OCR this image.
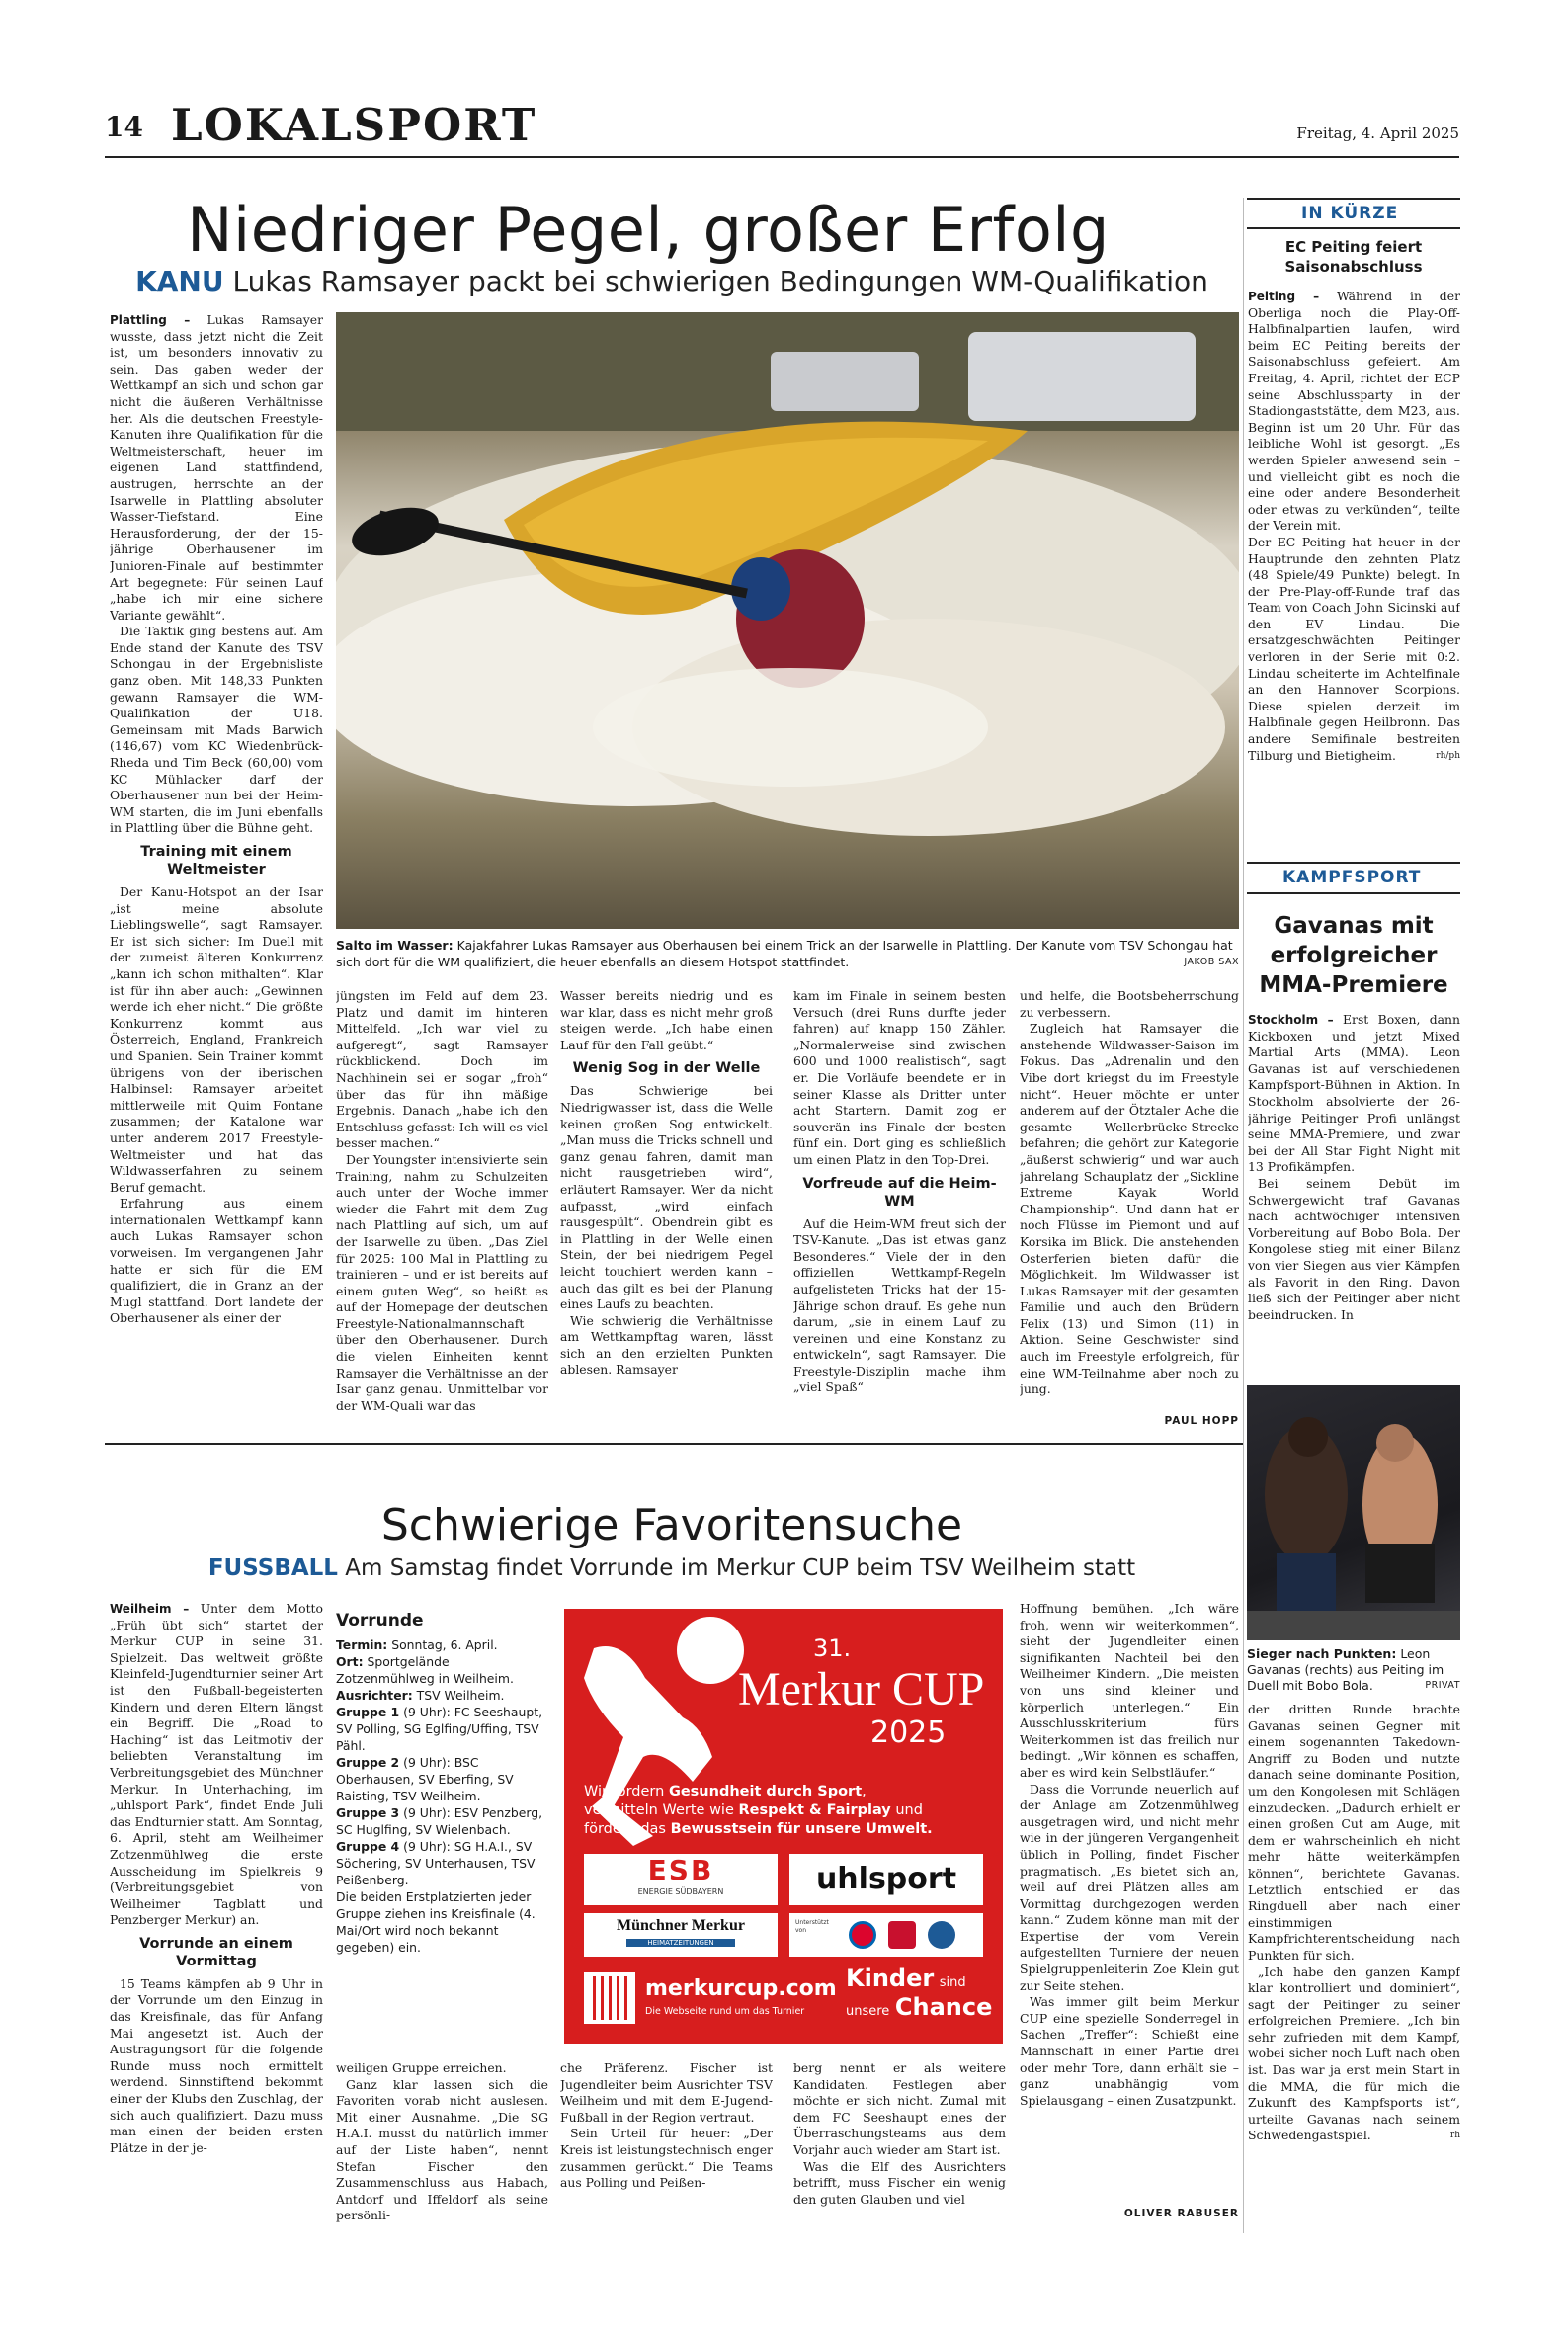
14 LOKALSPORT	Freitag, 4. April 2025
Niedriger Pegel, großer Erfolg
KANU Lukas Ramsayer packt bei schwierigen Bedingungen WM-Qualifikation

Plattling – Lukas Ramsayer wusste, dass jetzt nicht die Zeit ist, um besonders innovativ zu sein. Das gaben weder der Wettkampf an sich und schon gar nicht die äußeren Verhältnisse her. Als die deutschen Freestyle-Kanuten ihre Qualifikation für die Weltmeisterschaft, heuer im eigenen Land stattfindend, austrugen, herrschte an der Isarwelle in Plattling absoluter Wasser-Tiefstand. Eine Herausforderung, der der 15-jährige Oberhausener im Junioren-Finale auf bestimmter Art begegnete: Für seinen Lauf „habe ich mir eine sichere Variante gewählt“.

Die Taktik ging bestens auf. Am Ende stand der Kanute des TSV Schongau in der Ergebnisliste ganz oben. Mit 148,33 Punkten gewann Ramsayer die WM-Qualifikation der U18. Gemeinsam mit Mads Barwich (146,67) vom KC Wiedenbrück-Rheda und Tim Beck (60,00) vom KC Mühlacker darf der Oberhausener nun bei der Heim-WM starten, die im Juni ebenfalls in Plattling über die Bühne geht.

Training mit einem Weltmeister

Der Kanu-Hotspot an der Isar „ist meine absolute Lieblingswelle“, sagt Ramsayer. Er ist sich sicher: Im Duell mit der zumeist älteren Konkurrenz „kann ich schon mithalten“. Klar ist für ihn aber auch: „Gewinnen werde ich eher nicht.“ Die größte Konkurrenz kommt aus Österreich, England, Frankreich und Spanien. Sein Trainer kommt übrigens von der iberischen Halbinsel: Ramsayer arbeitet mittlerweile mit Quim Fontane zusammen; der Katalone war unter anderem 2017 Freestyle-Weltmeister und hat das Wildwasserfahren zu seinem Beruf gemacht.

Erfahrung aus einem internationalen Wettkampf kann auch Lukas Ramsayer schon vorweisen. Im vergangenen Jahr hatte er sich für die EM qualifiziert, die in Granz an der Mugl stattfand. Dort landete der Oberhausener als einer der

Salto im Wasser: Kajakfahrer Lukas Ramsayer aus Oberhausen bei einem Trick an der Isarwelle in Plattling. Der Kanute vom TSV Schongau hat sich dort für die WM qualifiziert, die heuer ebenfalls an diesem Hotspot stattfindet.	JAKOB SAX

jüngsten im Feld auf dem 23. Platz und damit im hinteren Mittelfeld. „Ich war viel zu aufgeregt“, sagt Ramsayer rückblickend. Doch im Nachhinein sei er sogar „froh“ über das für ihn mäßige Ergebnis. Danach „habe ich den Entschluss gefasst: Ich will es viel besser machen.“

Der Youngster intensivierte sein Training, nahm zu Schulzeiten auch unter der Woche immer wieder die Fahrt mit dem Zug nach Plattling auf sich, um auf der Isarwelle zu üben. „Das Ziel für 2025: 100 Mal in Plattling zu trainieren – und er ist bereits auf einem guten Weg“, so heißt es auf der Homepage der deutschen Freestyle-Nationalmannschaft über den Oberhausener. Durch die vielen Einheiten kennt Ramsayer die Verhältnisse an der Isar ganz genau. Unmittelbar vor der WM-Quali war das

Wasser bereits niedrig und es war klar, dass es nicht mehr groß steigen werde. „Ich habe einen Lauf für den Fall geübt.“

Wenig Sog in der Welle

Das Schwierige bei Niedrigwasser ist, dass die Welle keinen großen Sog entwickelt. „Man muss die Tricks schnell und ganz genau fahren, damit man nicht rausgetrieben wird“, erläutert Ramsayer. Wer da nicht aufpasst, „wird einfach rausgespült“. Obendrein gibt es in Plattling in der Welle einen Stein, der bei niedrigem Pegel leicht touchiert werden kann – auch das gilt es bei der Planung eines Laufs zu beachten.

Wie schwierig die Verhältnisse am Wettkampftag waren, lässt sich an den erzielten Punkten ablesen. Ramsayer

kam im Finale in seinem besten Versuch (drei Runs durfte jeder fahren) auf knapp 150 Zähler. „Normalerweise sind zwischen 600 und 1000 realistisch“, sagt er. Die Vorläufe beendete er in seiner Klasse als Dritter unter acht Startern. Damit zog er souverän ins Finale der besten fünf ein. Dort ging es schließlich um einen Platz in den Top-Drei.

Vorfreude auf die Heim-WM

Auf die Heim-WM freut sich der TSV-Kanute. „Das ist etwas ganz Besonderes.“ Viele der in den offiziellen Wettkampf-Regeln aufgelisteten Tricks hat der 15-Jährige schon drauf. Es gehe nun darum, „sie in einem Lauf zu vereinen und eine Konstanz zu entwickeln“, sagt Ramsayer. Die Freestyle-Disziplin mache ihm „viel Spaß“

und helfe, die Bootsbeherrschung zu verbessern.

Zugleich hat Ramsayer die anstehende Wildwasser-Saison im Fokus. Das „Adrenalin und den Vibe dort kriegst du im Freestyle nicht“. Heuer möchte er unter anderem auf der Ötztaler Ache die gesamte Wellerbrücke-Strecke befahren; die gehört zur Kategorie „äußerst schwierig“ und war auch jahrelang Schauplatz der „Sickline Extreme Kayak World Championship“. Und dann hat er noch Flüsse im Piemont und auf Korsika im Blick. Die anstehenden Osterferien bieten dafür die Möglichkeit. Im Wildwasser ist Lukas Ramsayer mit der gesamten Familie und auch den Brüdern Felix (13) und Simon (11) in Aktion. Seine Geschwister sind auch im Freestyle erfolgreich, für eine WM-Teilnahme aber noch zu jung.

PAUL HOPP
IN KÜRZE
EC Peiting feiert Saisonabschluss

Peiting – Während in der Oberliga noch die Play-Off-Halbfinalpartien laufen, wird beim EC Peiting bereits der Saisonabschluss gefeiert. Am Freitag, 4. April, richtet der ECP seine Abschlussparty in der Stadiongaststätte, dem M23, aus. Beginn ist um 20 Uhr. Für das leibliche Wohl ist gesorgt. „Es werden Spieler anwesend sein – und vielleicht gibt es noch die eine oder andere Besonderheit oder etwas zu verkünden“, teilte der Verein mit.

Der EC Peiting hat heuer in der Hauptrunde den zehnten Platz (48 Spiele/49 Punkte) belegt. In der Pre-Play-off-Runde traf das Team von Coach John Sicinski auf den EV Lindau. Die ersatzgeschwächten Peitinger verloren in der Serie mit 0:2. Lindau scheiterte im Achtelfinale an den Hannover Scorpions. Diese spielen derzeit im Halbfinale gegen Heilbronn. Das andere Semifinale bestreiten Tilburg und Bietigheim.	rh/ph

KAMPFSPORT
Gavanas mit erfolgreicher MMA-Premiere

Stockholm – Erst Boxen, dann Kickboxen und jetzt Mixed Martial Arts (MMA). Leon Gavanas ist auf verschiedenen Kampfsport-Bühnen in Aktion. In Stockholm absolvierte der 26-jährige Peitinger Profi unlängst seine MMA-Premiere, und zwar bei der All Star Fight Night mit 13 Profikämpfen.

Bei seinem Debüt im Schwergewicht traf Gavanas nach achtwöchiger intensiven Vorbereitung auf Bobo Bola. Der Kongolese stieg mit einer Bilanz von vier Siegen aus vier Kämpfen als Favorit in den Ring. Davon ließ sich der Peitinger aber nicht beeindrucken. In

Sieger nach Punkten: Leon Gavanas (rechts) aus Peiting im Duell mit Bobo Bola.	PRIVAT

der dritten Runde brachte Gavanas seinen Gegner mit einem sogenannten Takedown-Angriff zu Boden und nutzte danach seine dominante Position, um den Kongolesen mit Schlägen einzudecken. „Dadurch erhielt er einen großen Cut am Auge, mit dem er wahrscheinlich eh nicht mehr hätte weiterkämpfen können“, berichtete Gavanas. Letztlich entschied er das Ringduell aber nach einer einstimmigen Kampfrichterentscheidung nach Punkten für sich.

„Ich habe den ganzen Kampf klar kontrolliert und dominiert“, sagt der Peitinger zu seiner erfolgreichen Premiere. „Ich bin sehr zufrieden mit dem Kampf, wobei sicher noch Luft nach oben ist. Das war ja erst mein Start in die MMA, die für mich die Zukunft des Kampfsports ist“, urteilte Gavanas nach seinem Schwedengastspiel.	rh

Schwierige Favoritensuche
FUSSBALL Am Samstag findet Vorrunde im Merkur CUP beim TSV Weilheim statt

Weilheim – Unter dem Motto „Früh übt sich“ startet der Merkur CUP in seine 31. Spielzeit. Das weltweit größte Kleinfeld-Jugendturnier seiner Art ist den Fußball-begeisterten Kindern und deren Eltern längst ein Begriff. Die „Road to Haching“ ist das Leitmotiv der beliebten Veranstaltung im Verbreitungsgebiet des Münchner Merkur. In Unterhaching, im „uhlsport Park“, findet Ende Juli das Endturnier statt. Am Sonntag, 6. April, steht am Weilheimer Zotzenmühlweg die erste Ausscheidung im Spielkreis 9 (Verbreitungsgebiet von Weilheimer Tagblatt und Penzberger Merkur) an.

Vorrunde an einem Vormittag

15 Teams kämpfen ab 9 Uhr in der Vorrunde um den Einzug in das Kreisfinale, das für Anfang Mai angesetzt ist. Auch der Austragungsort für die folgende Runde muss noch ermittelt werdend. Sinnstiftend bekommt einer der Klubs den Zuschlag, der sich auch qualifiziert. Dazu muss man einen der beiden ersten Plätze in der je-

Vorrunde
Termin: Sonntag, 6. April.
Ort: Sportgelände Zotzenmühlweg in Weilheim.
Ausrichter: TSV Weilheim.
Gruppe 1 (9 Uhr): FC Seeshaupt, SV Polling, SG Eglfing/Uffing, TSV Pähl.
Gruppe 2 (9 Uhr): BSC Oberhausen, SV Eberfing, SV Raisting, TSV Weilheim.
Gruppe 3 (9 Uhr): ESV Penzberg, SC Huglfing, SV Wielenbach.
Gruppe 4 (9 Uhr): SG H.A.I., SV Söchering, SV Unterhausen, TSV Peißenberg.
Die beiden Erstplatzierten jeder Gruppe ziehen ins Kreisfinale (4. Mai/Ort wird noch bekannt gegeben) ein.
31.
Merkur CUP
2025
Wir fördern Gesundheit durch Sport,
vermitteln Werte wie Respekt & Fairplay und
fördern das Bewusstsein für unsere Umwelt.
ESB
ENERGIE SÜDBAYERN	uhlsport
Münchner Merkur
HEIMATZEITUNGEN
Unterstützt von
merkurcup.com
Die Webseite rund um das Turnier
Kinder sind
unsere Chance

weiligen Gruppe erreichen.

Ganz klar lassen sich die Favoriten vorab nicht auslesen. Mit einer Ausnahme. „Die SG H.A.I. musst du natürlich immer auf der Liste haben“, nennt Stefan Fischer den Zusammenschluss aus Habach, Antdorf und Iffeldorf als seine persönli-

che Präferenz. Fischer ist Jugendleiter beim Ausrichter TSV Weilheim und mit dem E-Jugend-Fußball in der Region vertraut.

Sein Urteil für heuer: „Der Kreis ist leistungstechnisch enger zusammen gerückt.“ Die Teams aus Polling und Peißen-

berg nennt er als weitere Kandidaten. Festlegen aber möchte er sich nicht. Zumal mit dem FC Seeshaupt eines der Überraschungsteams aus dem Vorjahr auch wieder am Start ist.

Was die Elf des Ausrichters betrifft, muss Fischer ein wenig den guten Glauben und viel

Hoffnung bemühen. „Ich wäre froh, wenn wir weiterkommen“, sieht der Jugendleiter einen signifikanten Nachteil bei den Weilheimer Kindern. „Die meisten von uns sind kleiner und körperlich unterlegen.“ Ein Ausschlusskriterium fürs Weiterkommen ist das freilich nur bedingt. „Wir können es schaffen, aber es wird kein Selbstläufer.“

Dass die Vorrunde neuerlich auf der Anlage am Zotzenmühlweg ausgetragen wird, und nicht mehr wie in der jüngeren Vergangenheit üblich in Polling, findet Fischer pragmatisch. „Es bietet sich an, weil auf drei Plätzen alles am Vormittag durchgezogen werden kann.“ Zudem könne man mit der Expertise der vom Verein aufgestellten Turniere der neuen Spielgruppenleiterin Zoe Klein gut zur Seite stehen.

Was immer gilt beim Merkur CUP eine spezielle Sonderregel in Sachen „Treffer“: Schießt eine Mannschaft in einer Partie drei oder mehr Tore, dann erhält sie – ganz unabhängig vom Spielausgang – einen Zusatzpunkt.

OLIVER RABUSER
